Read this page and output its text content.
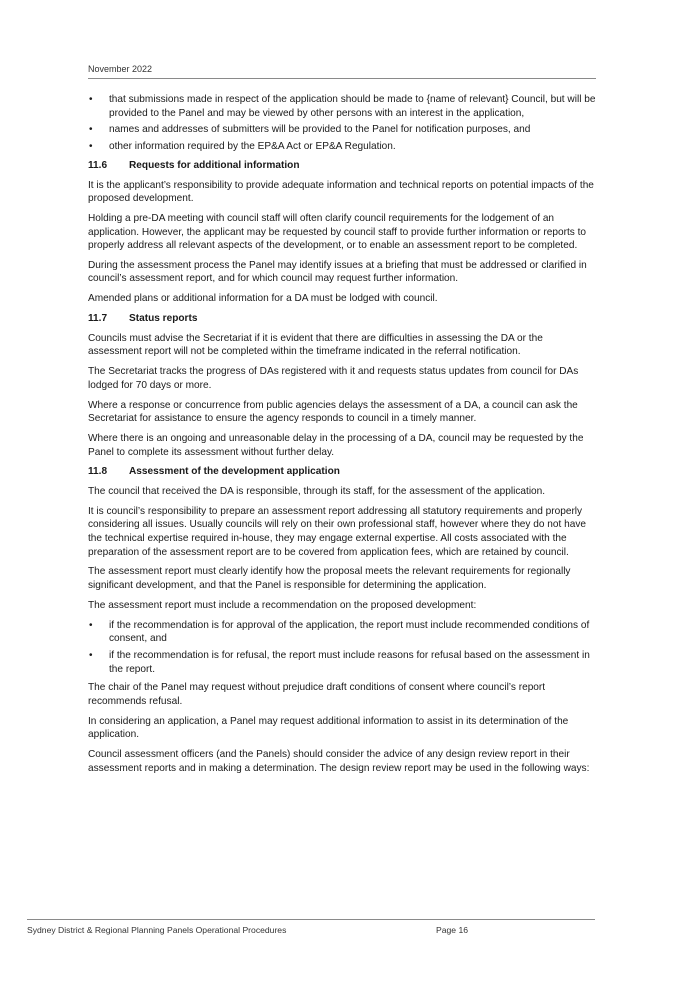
November 2022
• that submissions made in respect of the application should be made to {name of relevant} Council, but will be provided to the Panel and may be viewed by other persons with an interest in the application,
• names and addresses of submitters will be provided to the Panel for notification purposes, and
• other information required by the EP&A Act or EP&A Regulation.
11.6	Requests for additional information

It is the applicant’s responsibility to provide adequate information and technical reports on potential impacts of the proposed development.

Holding a pre-DA meeting with council staff will often clarify council requirements for the lodgement of an application. However, the applicant may be requested by council staff to provide further information or reports to properly address all relevant aspects of the development, or to enable an assessment report to be completed.

During the assessment process the Panel may identify issues at a briefing that must be addressed or clarified in council’s assessment report, and for which council may request further information.

Amended plans or additional information for a DA must be lodged with council.

11.7	Status reports

Councils must advise the Secretariat if it is evident that there are difficulties in assessing the DA or the assessment report will not be completed within the timeframe indicated in the referral notification.

The Secretariat tracks the progress of DAs registered with it and requests status updates from council for DAs lodged for 70 days or more.

Where a response or concurrence from public agencies delays the assessment of a DA, a council can ask the Secretariat for assistance to ensure the agency responds to council in a timely manner.

Where there is an ongoing and unreasonable delay in the processing of a DA, council may be requested by the Panel to complete its assessment without further delay.

11.8	Assessment of the development application

The council that received the DA is responsible, through its staff, for the assessment of the application.

It is council’s responsibility to prepare an assessment report addressing all statutory requirements and properly considering all issues. Usually councils will rely on their own professional staff, however where they do not have the technical expertise required in-house, they may engage external expertise. All costs associated with the preparation of the assessment report are to be covered from application fees, which are retained by council.

The assessment report must clearly identify how the proposal meets the relevant requirements for regionally significant development, and that the Panel is responsible for determining the application.

The assessment report must include a recommendation on the proposed development:

• if the recommendation is for approval of the application, the report must include recommended conditions of consent, and
• if the recommendation is for refusal, the report must include reasons for refusal based on the assessment in the report.

The chair of the Panel may request without prejudice draft conditions of consent where council’s report recommends refusal.

In considering an application, a Panel may request additional information to assist in its determination of the application.

Council assessment officers (and the Panels) should consider the advice of any design review report in their assessment reports and in making a determination. The design review report may be used in the following ways:

Sydney District & Regional Planning Panels Operational Procedures	Page 16
